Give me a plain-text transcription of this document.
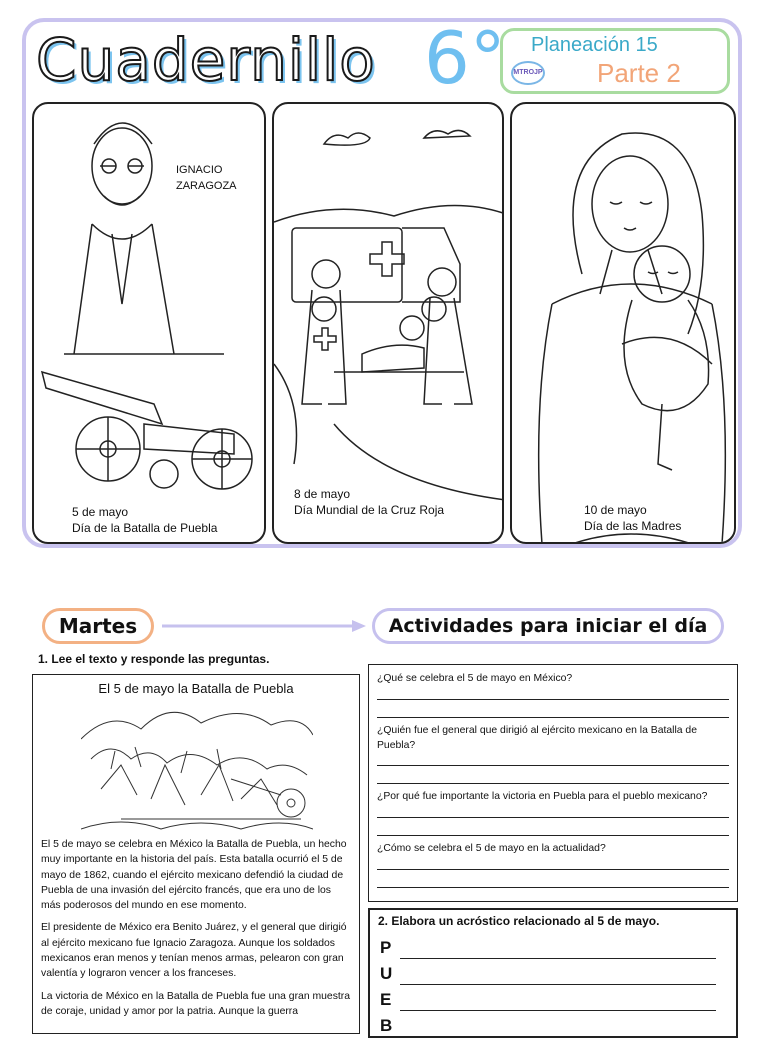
Cuadernillo 6° Planeación 15
MTROJP Parte 2
IGNACIO
ZARAGOZA
5 de mayo
Día de la Batalla de Puebla
8 de mayo
Día Mundial de la Cruz Roja	10 de mayo
Día de las Madres
Martes	Actividades para iniciar el día
1. Lee el texto y responde las preguntas.
El 5 de mayo la Batalla de Puebla

El 5 de mayo se celebra en México la Batalla de Puebla, un hecho muy importante en la historia del país. Esta batalla ocurrió el 5 de mayo de 1862, cuando el ejército mexicano defendió la ciudad de Puebla de una invasión del ejército francés, que era uno de los más poderosos del mundo en ese momento.

El presidente de México era Benito Juárez, y el general que dirigió al ejército mexicano fue Ignacio Zaragoza. Aunque los soldados mexicanos eran menos y tenían menos armas, pelearon con gran valentía y lograron vencer a los franceses.

La victoria de México en la Batalla de Puebla fue una gran muestra de coraje, unidad y amor por la patria. Aunque la guerra

¿Qué se celebra el 5 de mayo en México?
¿Quién fue el general que dirigió al ejército mexicano en la Batalla de Puebla?
¿Por qué fue importante la victoria en Puebla para el pueblo mexicano?
¿Cómo se celebra el 5 de mayo en la actualidad?
2. Elabora un acróstico relacionado al 5 de mayo.
P
U
E
B
